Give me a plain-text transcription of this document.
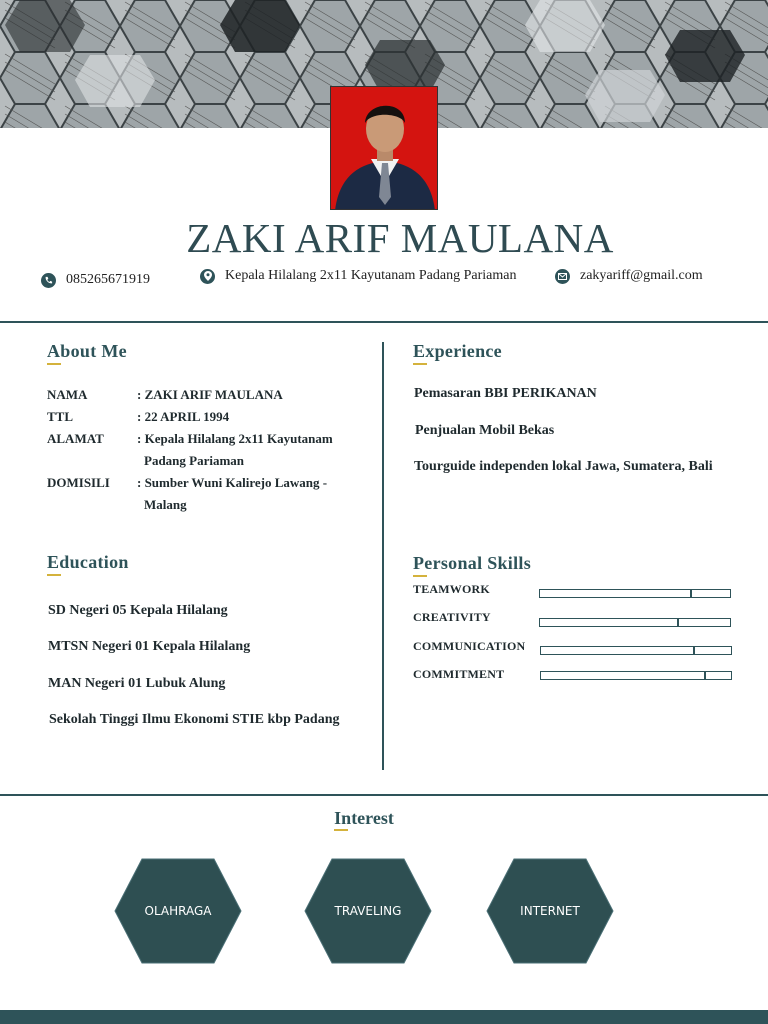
ZAKI ARIF MAULANA
085265671919	Kepala Hilalang 2x11 Kayutanam Padang Pariaman	zakyariff@gmail.com
About Me
NAMA	: ZAKI ARIF MAULANA
TTL	: 22 APRIL 1994
ALAMAT	: Kepala Hilalang 2x11 Kayutanam
Padang Pariaman
DOMISILI	: Sumber Wuni Kalirejo Lawang -
Malang
Education
SD Negeri 05 Kepala Hilalang
MTSN Negeri 01 Kepala Hilalang
MAN Negeri 01 Lubuk Alung
Sekolah Tinggi Ilmu Ekonomi STIE kbp Padang
Experience
Pemasaran BBI PERIKANAN
Penjualan Mobil Bekas
Tourguide independen lokal Jawa, Sumatera, Bali
Personal Skills
TEAMWORK
CREATIVITY
COMMUNICATION
COMMITMENT
Interest
OLAHRAGA	TRAVELING	INTERNET
